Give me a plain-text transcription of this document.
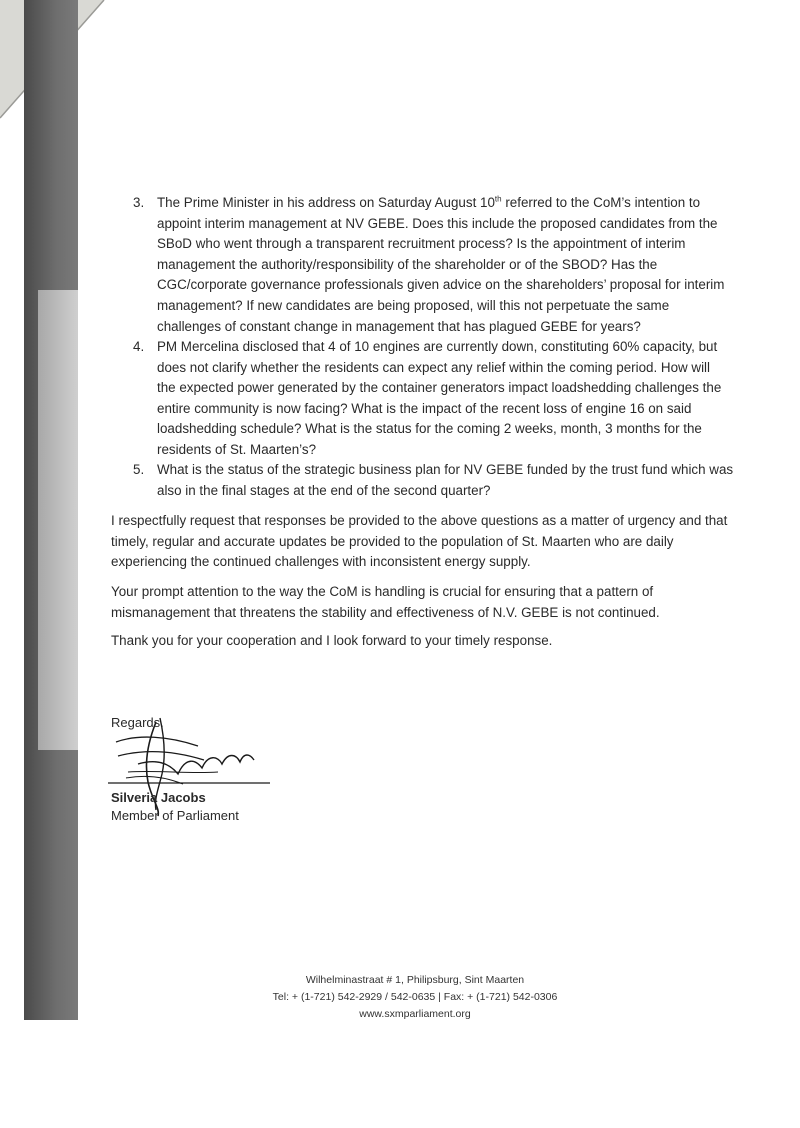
3. The Prime Minister in his address on Saturday August 10th referred to the CoM’s intention to

appoint interim management at NV GEBE. Does this include the proposed candidates from the

SBoD who went through a transparent recruitment process? Is the appointment of interim

management the authority/responsibility of the shareholder or of the SBOD? Has the

CGC/corporate governance professionals given advice on the shareholders’ proposal for interim

management? If new candidates are being proposed, will this not perpetuate the same

challenges of constant change in management that has plagued GEBE for years?

4. PM Mercelina disclosed that 4 of 10 engines are currently down, constituting 60% capacity, but

does not clarify whether the residents can expect any relief within the coming period. How will

the expected power generated by the container generators impact loadshedding challenges the

entire community is now facing? What is the impact of the recent loss of engine 16 on said

loadshedding schedule? What is the status for the coming 2 weeks, month, 3 months for the

residents of St. Maarten’s?

5. What is the status of the strategic business plan for NV GEBE funded by the trust fund which was

also in the final stages at the end of the second quarter?

I respectfully request that responses be provided to the above questions as a matter of urgency and that

timely, regular and accurate updates be provided to the population of St. Maarten who are daily

experiencing the continued challenges with inconsistent energy supply.

Your prompt attention to the way the CoM is handling is crucial for ensuring that a pattern of

mismanagement that threatens the stability and effectiveness of N.V. GEBE is not continued.

Thank you for your cooperation and I look forward to your timely response.

Regards,
Silveria Jacobs
Member of Parliament
Wilhelminastraat # 1, Philipsburg, Sint Maarten
Tel: + (1-721) 542-2929 / 542-0635 | Fax: + (1-721) 542-0306
www.sxmparliament.org
